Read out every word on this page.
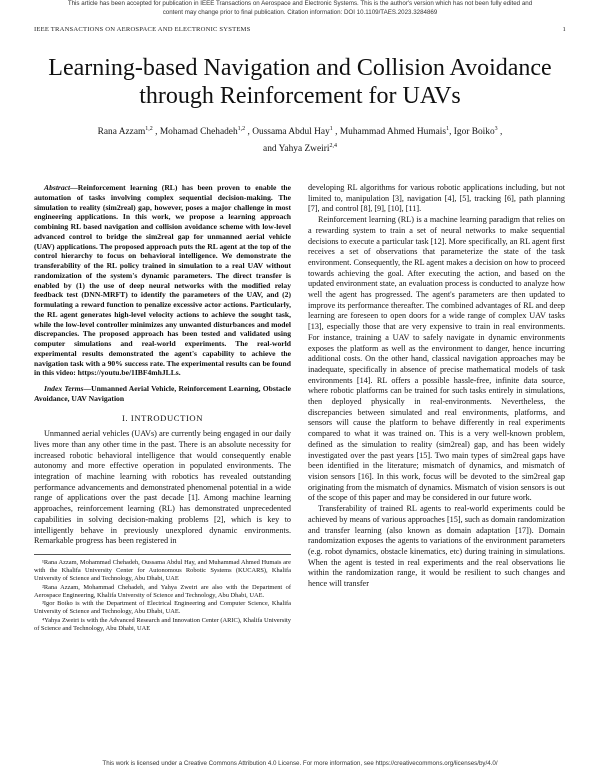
This article has been accepted for publication in IEEE Transactions on Aerospace and Electronic Systems. This is the author's version which has not been fully edited and
content may change prior to final publication. Citation information: DOI 10.1109/TAES.2023.3284869
IEEE TRANSACTIONS ON AEROSPACE AND ELECTRONIC SYSTEMS	1
Learning-based Navigation and Collision Avoidance
through Reinforcement for UAVs
Rana Azzam$^{1,2}$ , Mohamad Chehadeh$^{1,2}$ , Oussama Abdul Hay$^1$ , Muhammad Ahmed Humais$^1$, Igor Boiko$^3$ ,
and Yahya Zweiri$^{2,4}$

Abstract—Reinforcement learning (RL) has been proven to enable the automation of tasks involving complex sequential decision-making. The simulation to reality (sim2real) gap, however, poses a major challenge in most engineering applications. In this work, we propose a learning approach combining RL based navigation and collision avoidance scheme with low-level advanced control to bridge the sim2real gap for unmanned aerial vehicle (UAV) applications. The proposed approach puts the RL agent at the top of the control hierarchy to focus on behavioral intelligence. We demonstrate the transferability of the RL policy trained in simulation to a real UAV without randomization of the system's dynamic parameters. The direct transfer is enabled by (1) the use of deep neural networks with the modified relay feedback test (DNN-MRFT) to identify the parameters of the UAV, and (2) formulating a reward function to penalize excessive actor actions. Particularly, the RL agent generates high-level velocity actions to achieve the sought task, while the low-level controller minimizes any unwanted disturbances and model discrepancies. The proposed approach has been tested and validated using computer simulations and real-world experiments. The real-world experimental results demonstrated the agent's capability to achieve the navigation task with a 90% success rate. The experimental results can be found in this video: https://youtu.be/1IBF4mhJLLs.

Index Terms—Unmanned Aerial Vehicle, Reinforcement Learning, Obstacle Avoidance, UAV Navigation

I. INTRODUCTION

Unmanned aerial vehicles (UAVs) are currently being engaged in our daily lives more than any other time in the past. There is an absolute necessity for increased robotic behavioral intelligence that would consequently enable autonomy and more effective operation in populated environments. The integration of machine learning with robotics has revealed outstanding performance advancements and demonstrated phenomenal potential in a wide range of applications over the past decade [1]. Among machine learning approaches, reinforcement learning (RL) has demonstrated unprecedented capabilities in solving decision-making problems [2], which is key to intelligently behave in previously unexplored dynamic environments. Remarkable progress has been registered in

¹Rana Azzam, Mohammad Chehadeh, Oussama Abdul Hay, and Muhammad Ahmed Humais are with the Khalifa University Center for Autonomous Robotic Systems (KUCARS), Khalifa University of Science and Technology, Abu Dhabi, UAE

²Rana Azzam, Mohammad Chehadeh, and Yahya Zweiri are also with the Department of Aerospace Engineering, Khalifa University of Science and Technology, Abu Dhabi, UAE.

³Igor Boiko is with the Department of Electrical Engineering and Computer Science, Khalifa University of Science and Technology, Abu Dhabi, UAE.

⁴Yahya Zweiri is with the Advanced Research and Innovation Center (ARIC), Khalifa University of Science and Technology, Abu Dhabi, UAE

developing RL algorithms for various robotic applications including, but not limited to, manipulation [3], navigation [4], [5], tracking [6], path planning [7], and control [8], [9], [10], [11].

Reinforcement learning (RL) is a machine learning paradigm that relies on a rewarding system to train a set of neural networks to make sequential decisions to execute a particular task [12]. More specifically, an RL agent first receives a set of observations that parameterize the state of the task environment. Consequently, the RL agent makes a decision on how to proceed towards achieving the goal. After executing the action, and based on the updated environment state, an evaluation process is conducted to analyze how well the agent has progressed. The agent's parameters are then updated to improve its performance thereafter. The combined advantages of RL and deep learning are foreseen to open doors for a wide range of complex UAV tasks [13], especially those that are very expensive to train in real environments. For instance, training a UAV to safely navigate in dynamic environments exposes the platform as well as the environment to danger, hence incurring additional costs. On the other hand, classical navigation approaches may be inadequate, specifically in absence of precise mathematical models of task environments [14]. RL offers a possible hassle-free, infinite data source, where robotic platforms can be trained for such tasks entirely in simulations, then deployed physically in real-environments. Nevertheless, the discrepancies between simulated and real environments, platforms, and sensors will cause the platform to behave differently in real experiments compared to what it was trained on. This is a very well-known problem, defined as the simulation to reality (sim2real) gap, and has been widely investigated over the past years [15]. Two main types of sim2real gaps have been identified in the literature; mismatch of dynamics, and mismatch of vision sensors [16]. In this work, focus will be devoted to the sim2real gap originating from the mismatch of dynamics. Mismatch of vision sensors is out of the scope of this paper and may be considered in our future work.

Transferability of trained RL agents to real-world experiments could be achieved by means of various approaches [15], such as domain randomization and transfer learning (also known as domain adaptation [17]). Domain randomization exposes the agents to variations of the environment parameters (e.g. robot dynamics, obstacle kinematics, etc) during training in simulations. When the agent is tested in real experiments and the real observations lie within the randomization range, it would be resilient to such changes and hence will transfer

This work is licensed under a Creative Commons Attribution 4.0 License. For more information, see https://creativecommons.org/licenses/by/4.0/
